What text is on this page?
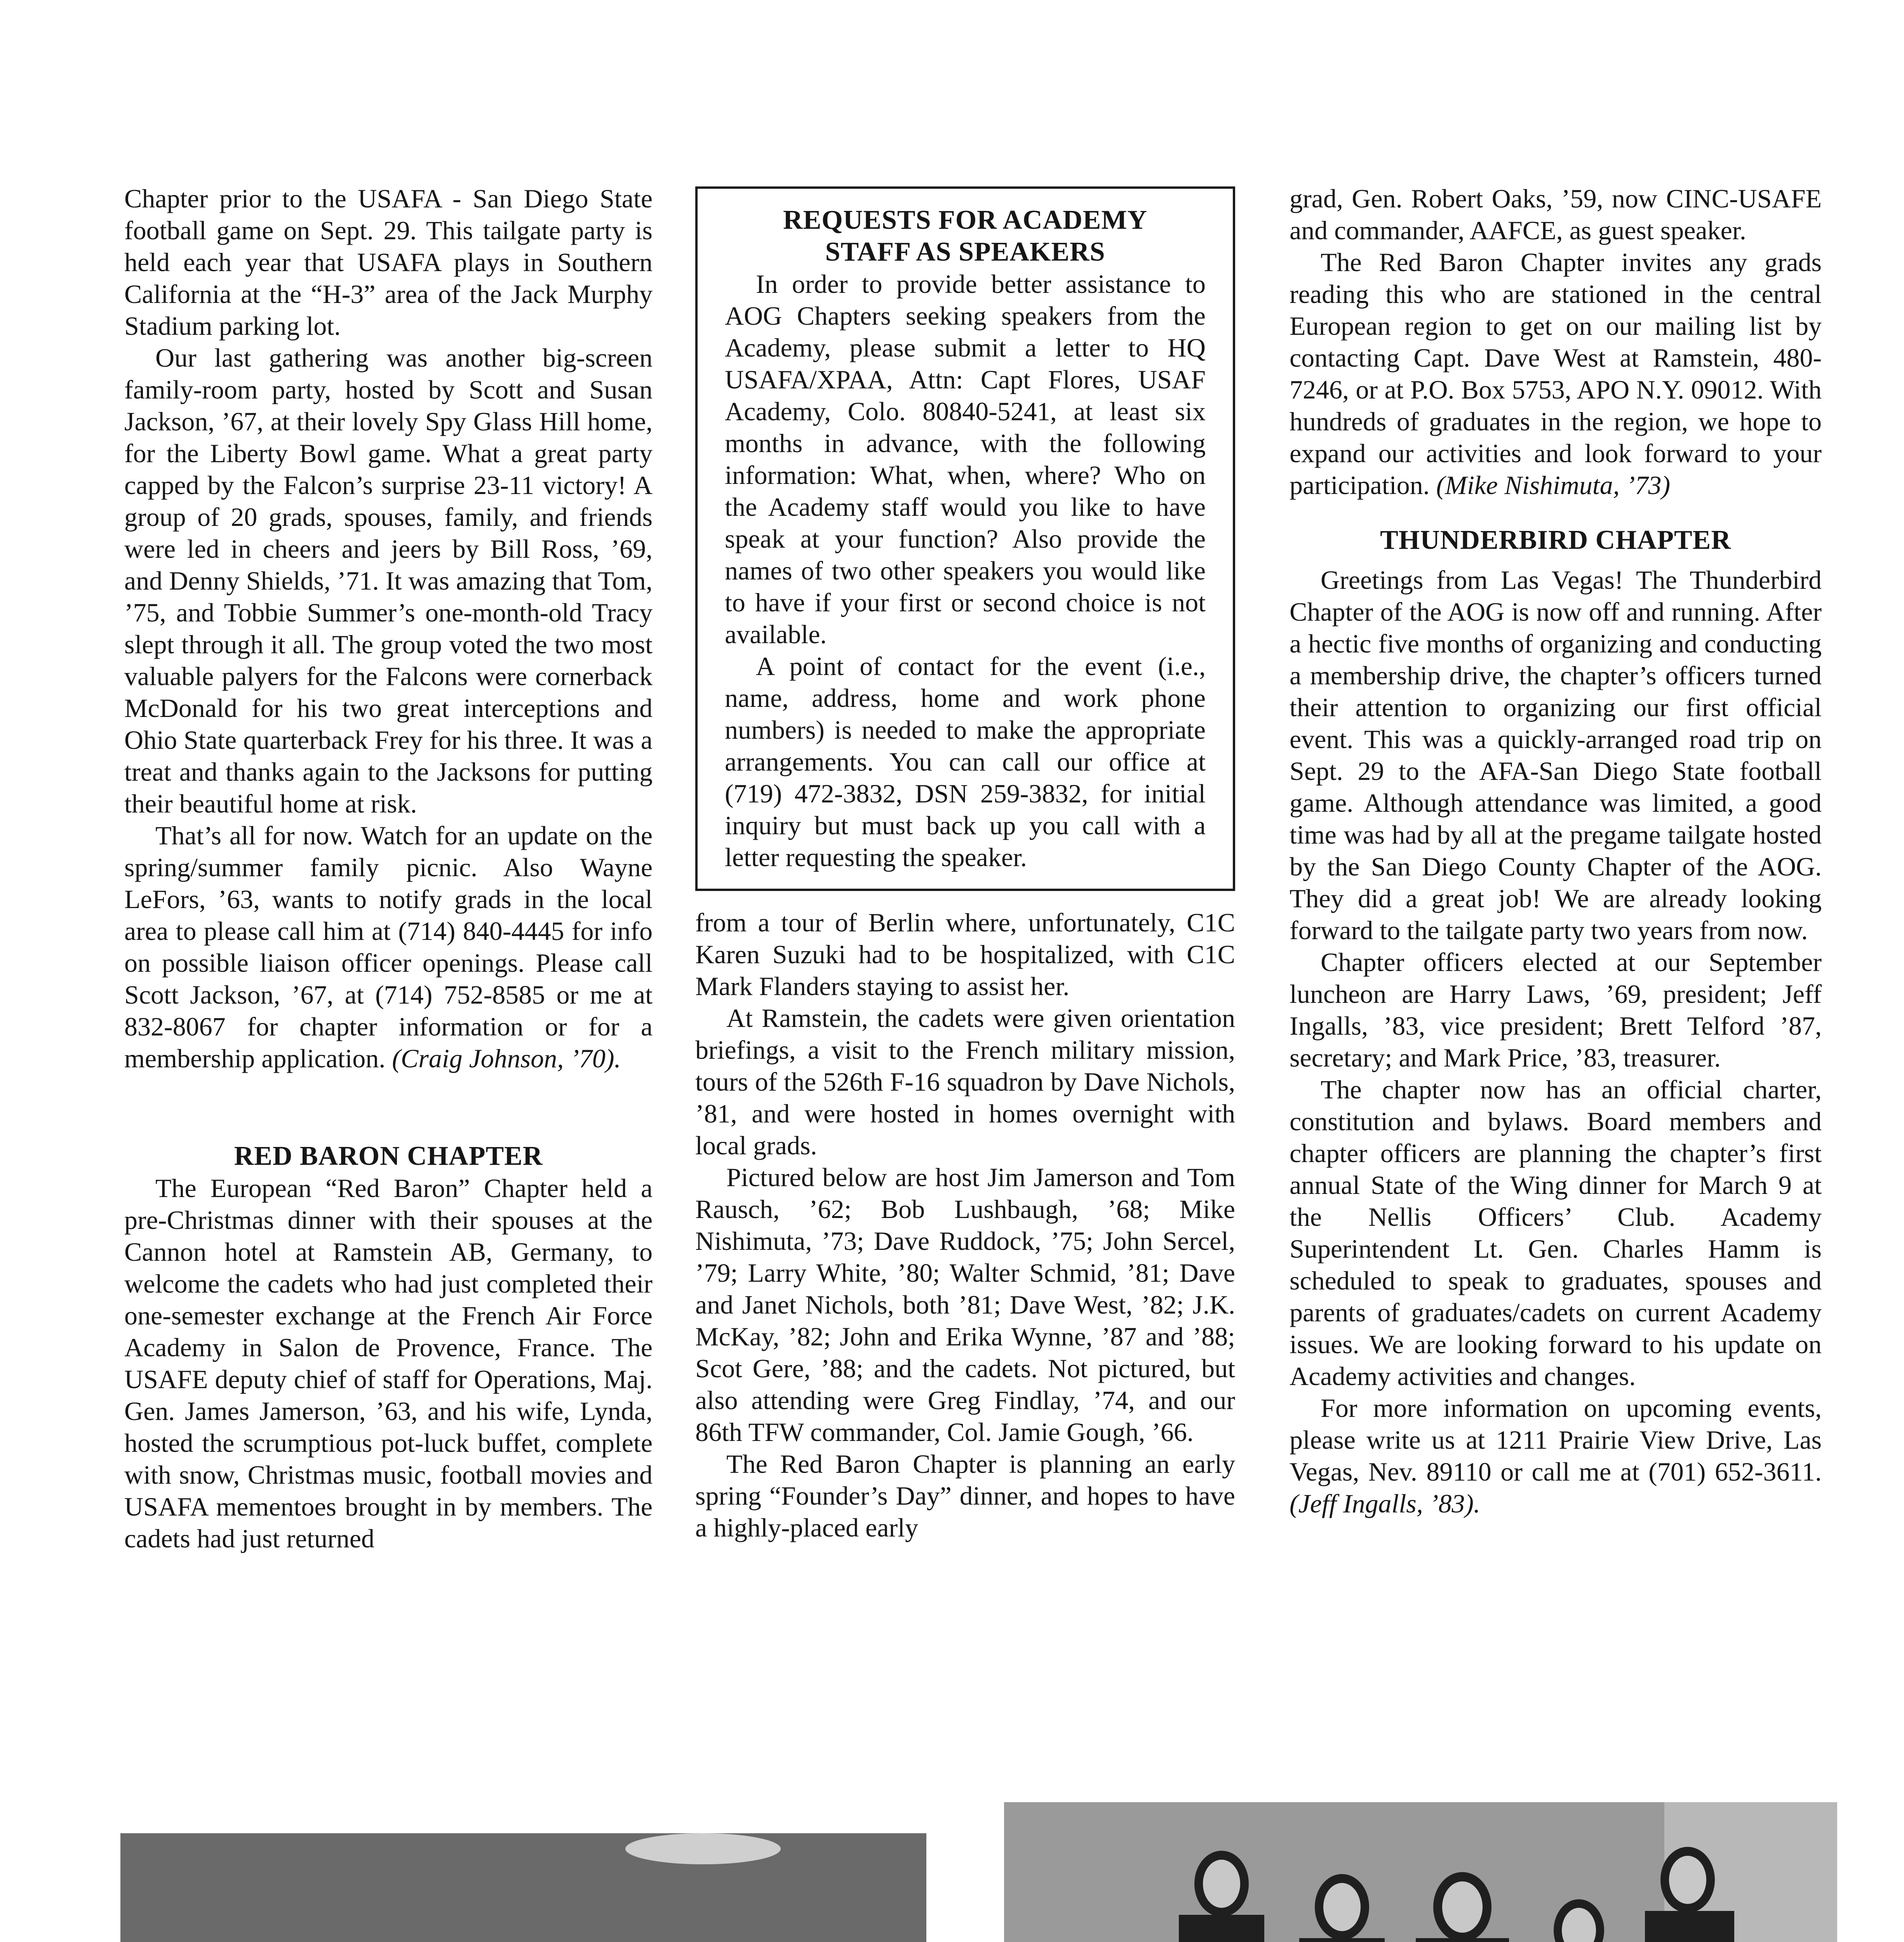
Chapter prior to the USAFA - San Diego State football game on Sept. 29. This tailgate party is held each year that USAFA plays in Southern California at the “H-3” area of the Jack Murphy Stadium parking lot.

Our last gathering was another big-screen family-room party, hosted by Scott and Susan Jackson, ’67, at their lovely Spy Glass Hill home, for the Liberty Bowl game. What a great party capped by the Falcon’s surprise 23-11 victory! A group of 20 grads, spouses, family, and friends were led in cheers and jeers by Bill Ross, ’69, and Denny Shields, ’71. It was amazing that Tom, ’75, and Tobbie Summer’s one-month-old Tracy slept through it all. The group voted the two most valuable palyers for the Falcons were cornerback McDonald for his two great interceptions and Ohio State quarterback Frey for his three. It was a treat and thanks again to the Jacksons for putting their beautiful home at risk.

That’s all for now. Watch for an update on the spring/summer family picnic. Also Wayne LeFors, ’63, wants to notify grads in the local area to please call him at (714) 840-4445 for info on possible liaison officer openings. Please call Scott Jackson, ’67, at (714) 752-8585 or me at 832-8067 for chapter information or for a membership application. (Craig Johnson, ’70).

RED BARON CHAPTER

The European “Red Baron” Chapter held a pre-Christmas dinner with their spouses at the Cannon hotel at Ramstein AB, Germany, to welcome the cadets who had just completed their one-semester exchange at the French Air Force Academy in Salon de Provence, France. The USAFE deputy chief of staff for Operations, Maj. Gen. James Jamerson, ’63, and his wife, Lynda, hosted the scrumptious pot-luck buffet, complete with snow, Christmas music, football movies and USAFA mementoes brought in by members. The cadets had just returned

REQUESTS FOR ACADEMY

STAFF AS SPEAKERS

In order to provide better assistance to AOG Chapters seeking speakers from the Academy, please submit a letter to HQ USAFA/XPAA, Attn: Capt Flores, USAF Academy, Colo. 80840-5241, at least six months in advance, with the following information: What, when, where? Who on the Academy staff would you like to have speak at your function? Also provide the names of two other speakers you would like to have if your first or second choice is not available.

A point of contact for the event (i.e., name, address, home and work phone numbers) is needed to make the appropriate arrangements. You can call our office at (719) 472-3832, DSN 259-3832, for initial inquiry but must back up you call with a letter requesting the speaker.

from a tour of Berlin where, unfortunately, C1C Karen Suzuki had to be hospitalized, with C1C Mark Flanders staying to assist her.

At Ramstein, the cadets were given orientation briefings, a visit to the French military mission, tours of the 526th F-16 squadron by Dave Nichols, ’81, and were hosted in homes overnight with local grads.

Pictured below are host Jim Jamerson and Tom Rausch, ’62; Bob Lushbaugh, ’68; Mike Nishimuta, ’73; Dave Ruddock, ’75; John Sercel, ’79; Larry White, ’80; Walter Schmid, ’81; Dave and Janet Nichols, both ’81; Dave West, ’82; J.K. McKay, ’82; John and Erika Wynne, ’87 and ’88; Scot Gere, ’88; and the cadets. Not pictured, but also attending were Greg Findlay, ’74, and our 86th TFW commander, Col. Jamie Gough, ’66.

The Red Baron Chapter is planning an early spring “Founder’s Day” dinner, and hopes to have a highly-placed early

grad, Gen. Robert Oaks, ’59, now CINC-USAFE and commander, AAFCE, as guest speaker.

The Red Baron Chapter invites any grads reading this who are stationed in the central European region to get on our mailing list by contacting Capt. Dave West at Ramstein, 480-7246, or at P.O. Box 5753, APO N.Y. 09012. With hundreds of graduates in the region, we hope to expand our activities and look forward to your participation. (Mike Nishimuta, ’73)

THUNDERBIRD CHAPTER

Greetings from Las Vegas! The Thunderbird Chapter of the AOG is now off and running. After a hectic five months of organizing and conducting a membership drive, the chapter’s officers turned their attention to organizing our first official event. This was a quickly-arranged road trip on Sept. 29 to the AFA-San Diego State football game. Although attendance was limited, a good time was had by all at the pregame tailgate hosted by the San Diego County Chapter of the AOG. They did a great job! We are already looking forward to the tailgate party two years from now.

Chapter officers elected at our September luncheon are Harry Laws, ’69, president; Jeff Ingalls, ’83, vice president; Brett Telford ’87, secretary; and Mark Price, ’83, treasurer.

The chapter now has an official charter, constitution and bylaws. Board members and chapter officers are planning the chapter’s first annual State of the Wing dinner for March 9 at the Nellis Officers’ Club. Academy Superintendent Lt. Gen. Charles Hamm is scheduled to speak to graduates, spouses and parents of graduates/cadets on current Academy issues. We are looking forward to his update on Academy activities and changes.

For more information on upcoming events, please write us at 1211 Prairie View Drive, Las Vegas, Nev. 89110 or call me at (701) 652-3611. (Jeff Ingalls, ’83).
